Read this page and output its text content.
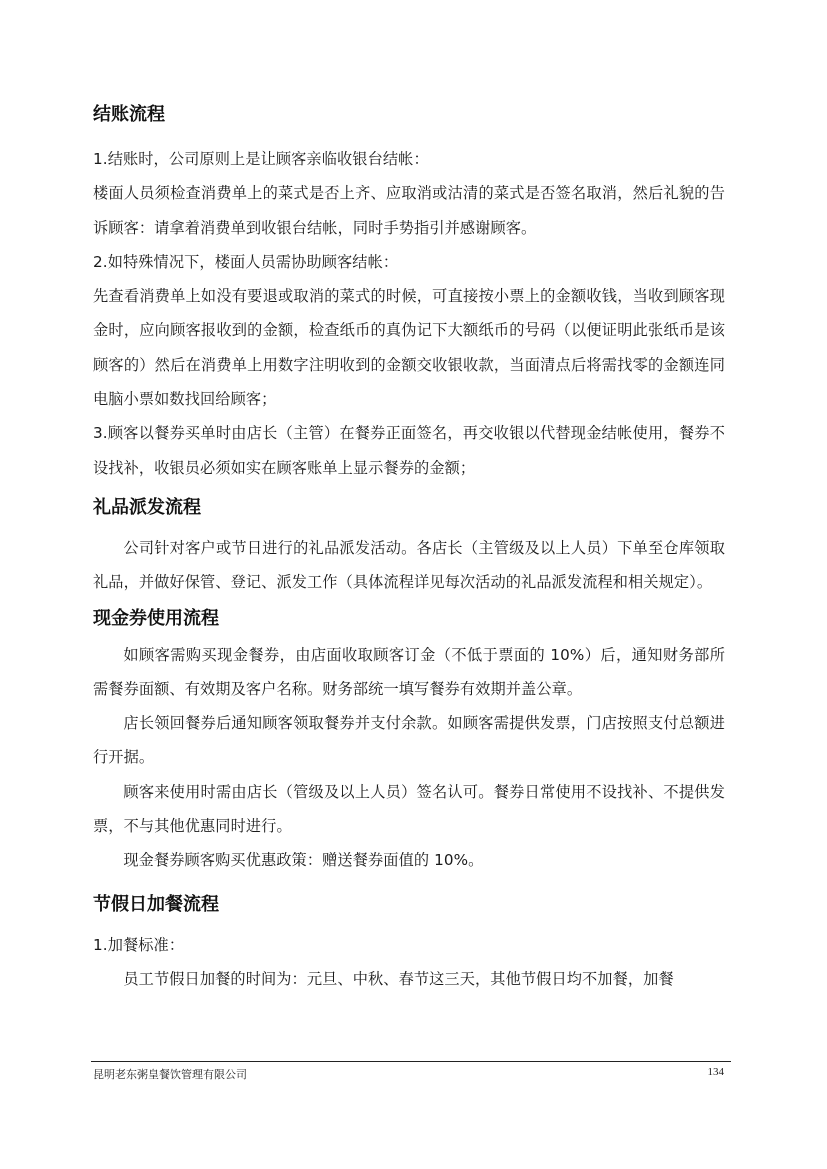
结账流程

1.结账时，公司原则上是让顾客亲临收银台结帐：

楼面人员须检查消费单上的菜式是否上齐、应取消或沽清的菜式是否签名取消，然后礼貌的告诉顾客：请拿着消费单到收银台结帐，同时手势指引并感谢顾客。

2.如特殊情况下，楼面人员需协助顾客结帐：

先查看消费单上如没有要退或取消的菜式的时候，可直接按小票上的金额收钱，当收到顾客现金时，应向顾客报收到的金额，检查纸币的真伪记下大额纸币的号码（以便证明此张纸币是该顾客的）然后在消费单上用数字注明收到的金额交收银收款，当面清点后将需找零的金额连同电脑小票如数找回给顾客；

3.顾客以餐券买单时由店长（主管）在餐券正面签名，再交收银以代替现金结帐使用，餐券不设找补，收银员必须如实在顾客账单上显示餐券的金额；

礼品派发流程

公司针对客户或节日进行的礼品派发活动。各店长（主管级及以上人员）下单至仓库领取礼品，并做好保管、登记、派发工作（具体流程详见每次活动的礼品派发流程和相关规定）。

现金券使用流程

如顾客需购买现金餐券，由店面收取顾客订金（不低于票面的 10%）后，通知财务部所需餐券面额、有效期及客户名称。财务部统一填写餐券有效期并盖公章。

店长领回餐券后通知顾客领取餐券并支付余款。如顾客需提供发票，门店按照支付总额进行开据。

顾客来使用时需由店长（管级及以上人员）签名认可。餐券日常使用不设找补、不提供发票，不与其他优惠同时进行。

现金餐券顾客购买优惠政策：赠送餐券面值的 10%。

节假日加餐流程

1.加餐标准：

员工节假日加餐的时间为：元旦、中秋、春节这三天，其他节假日均不加餐，加餐

昆明老东粥皇餐饮管理有限公司	134
